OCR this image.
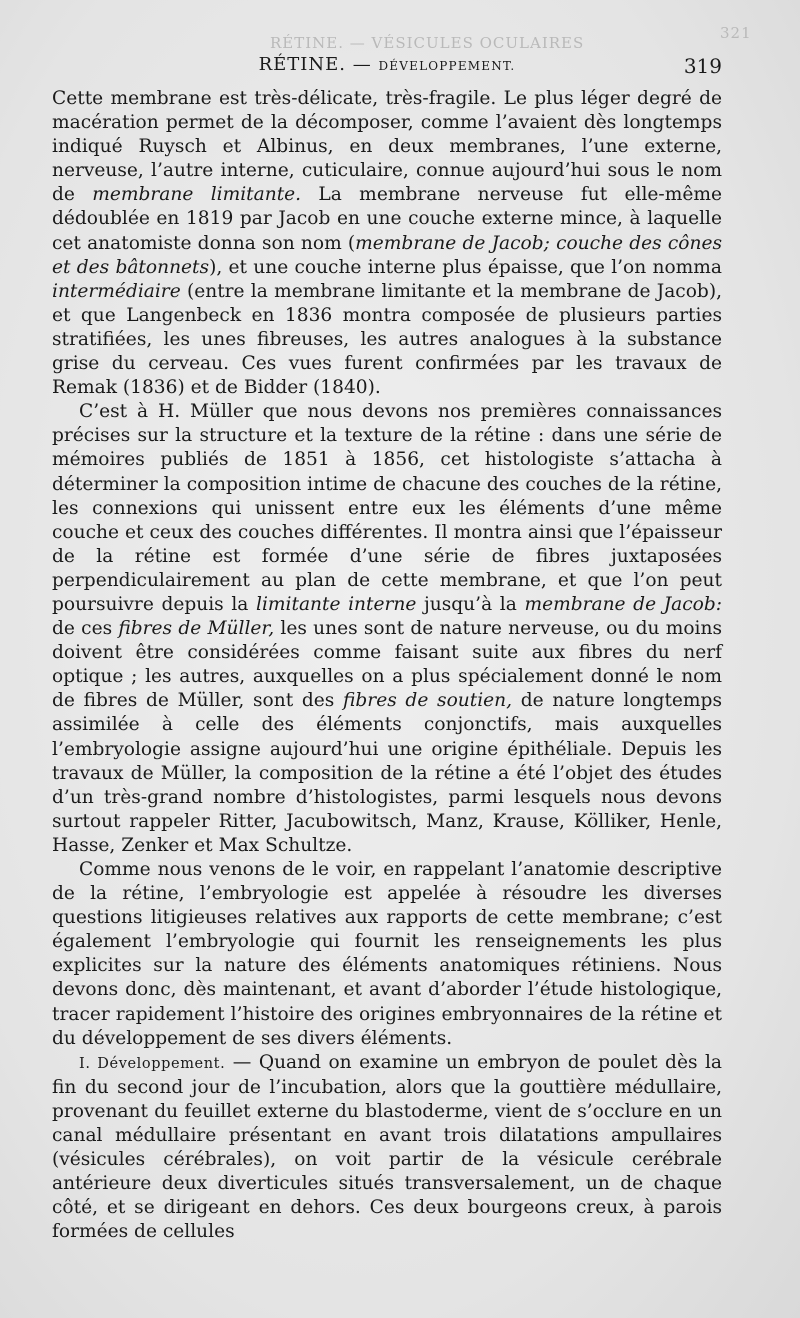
RÉTINE. — VÉSICULES OCULAIRES
321
RÉTINE. — DÉVELOPPEMENT.	319

Cette membrane est très-délicate, très-fragile. Le plus léger degré de macération permet de la décomposer, comme l’avaient dès longtemps indiqué Ruysch et Albinus, en deux membranes, l’une externe, nerveuse, l’autre interne, cuticulaire, connue aujourd’hui sous le nom de membrane limitante. La membrane nerveuse fut elle-même dédoublée en 1819 par Jacob en une couche externe mince, à laquelle cet anatomiste donna son nom (membrane de Jacob; couche des cônes et des bâtonnets), et une couche interne plus épaisse, que l’on nomma intermédiaire (entre la membrane limitante et la membrane de Jacob), et que Langenbeck en 1836 montra composée de plusieurs parties stratifiées, les unes fibreuses, les autres analogues à la substance grise du cerveau. Ces vues furent confirmées par les travaux de Remak (1836) et de Bidder (1840).

C’est à H. Müller que nous devons nos premières connaissances précises sur la structure et la texture de la rétine : dans une série de mémoires publiés de 1851 à 1856, cet histologiste s’attacha à déterminer la composition intime de chacune des couches de la rétine, les connexions qui unissent entre eux les éléments d’une même couche et ceux des couches différentes. Il montra ainsi que l’épaisseur de la rétine est formée d’une série de fibres juxtaposées perpendiculairement au plan de cette membrane, et que l’on peut poursuivre depuis la limitante interne jusqu’à la membrane de Jacob: de ces fibres de Müller, les unes sont de nature nerveuse, ou du moins doivent être considérées comme faisant suite aux fibres du nerf optique ; les autres, auxquelles on a plus spécialement donné le nom de fibres de Müller, sont des fibres de soutien, de nature longtemps assimilée à celle des éléments conjonctifs, mais auxquelles l’embryologie assigne aujourd’hui une origine épithéliale. Depuis les travaux de Müller, la composition de la rétine a été l’objet des études d’un très-grand nombre d’histologistes, parmi lesquels nous devons surtout rappeler Ritter, Jacubowitsch, Manz, Krause, Kölliker, Henle, Hasse, Zenker et Max Schultze.

Comme nous venons de le voir, en rappelant l’anatomie descriptive de la rétine, l’embryologie est appelée à résoudre les diverses questions litigieuses relatives aux rapports de cette membrane; c’est également l’embryologie qui fournit les renseignements les plus explicites sur la nature des éléments anatomiques rétiniens. Nous devons donc, dès maintenant, et avant d’aborder l’étude histologique, tracer rapidement l’histoire des origines embryonnaires de la rétine et du développement de ses divers éléments.

I. Développement. — Quand on examine un embryon de poulet dès la fin du second jour de l’incubation, alors que la gouttière médullaire, provenant du feuillet externe du blastoderme, vient de s’occlure en un canal médullaire présentant en avant trois dilatations ampullaires (vésicules cérébrales), on voit partir de la vésicule cerébrale antérieure deux diverticules situés transversalement, un de chaque côté, et se dirigeant en dehors. Ces deux bourgeons creux, à parois formées de cellules
